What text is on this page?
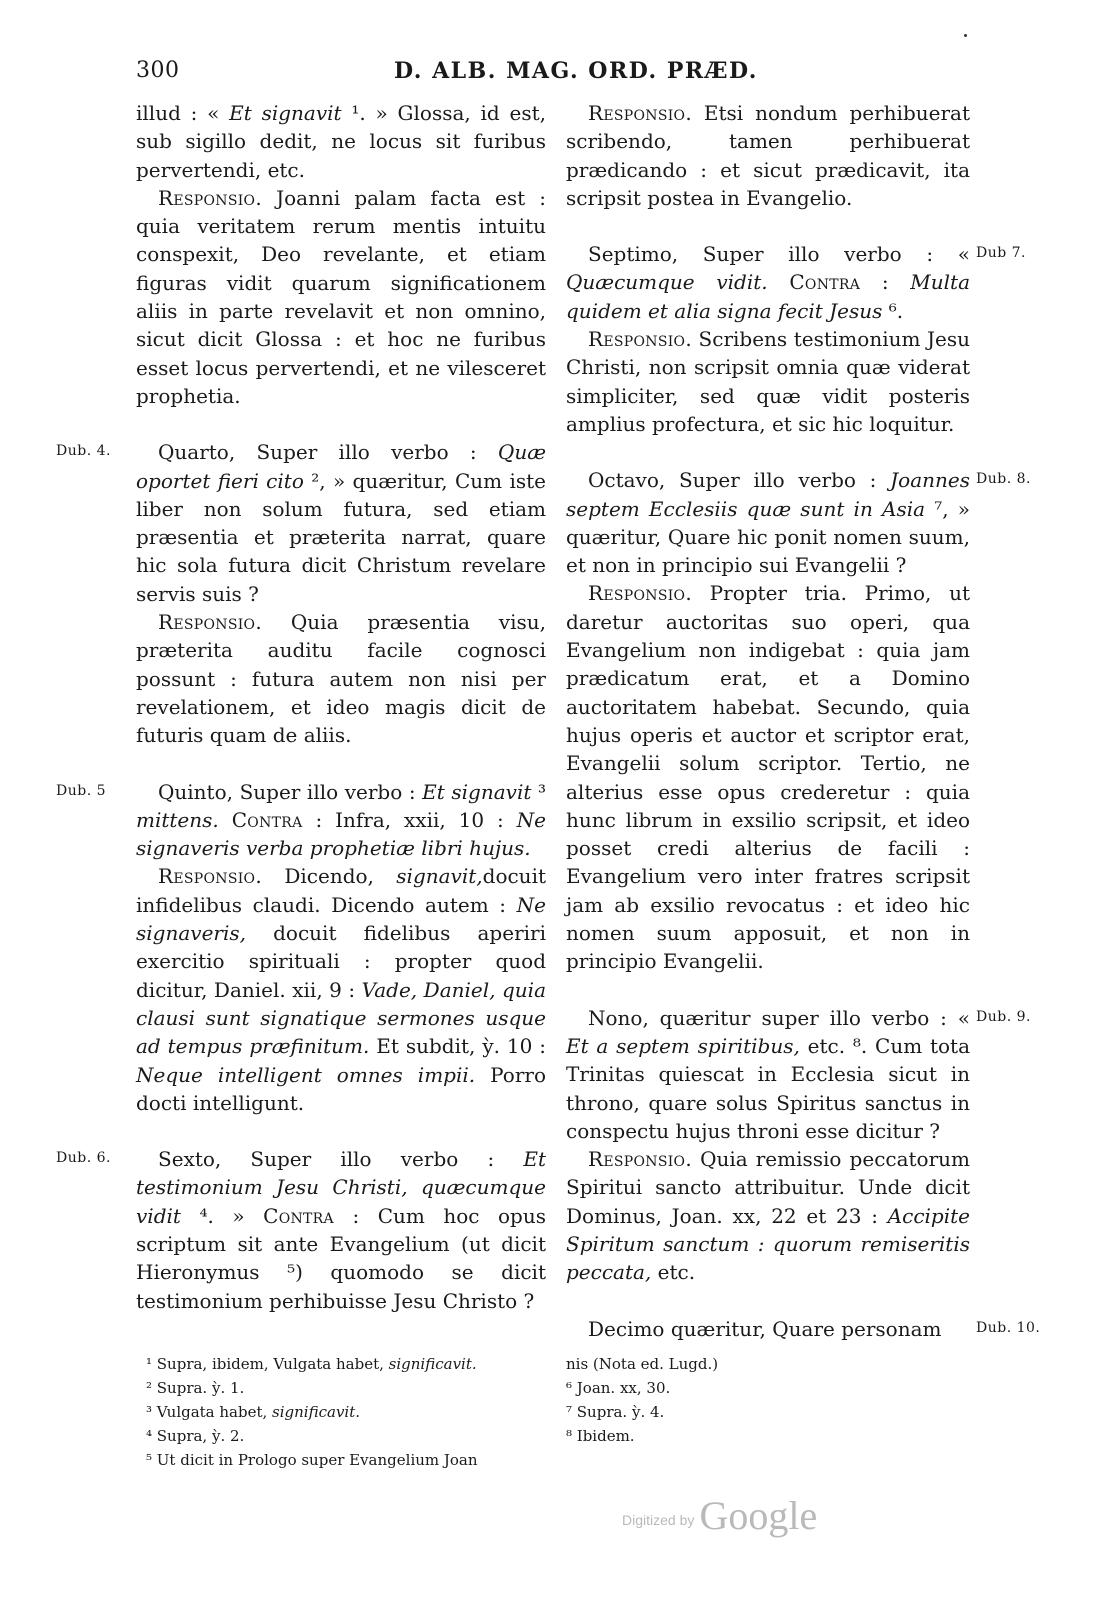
300	D. ALB. MAG. ORD. PRÆD.

illud : « Et signavit ¹. » Glossa, id est, sub sigillo dedit, ne locus sit furibus pervertendi, etc.

Responsio. Joanni palam facta est : quia veritatem rerum mentis intuitu conspexit, Deo revelante, et etiam figuras vidit quarum significationem aliis in parte revelavit et non omnino, sicut dicit Glossa : et hoc ne furibus esset locus pervertendi, et ne vilesceret prophetia.

Quarto, Super illo verbo : Quæ oportet fieri cito ², » quæritur, Cum iste liber non solum futura, sed etiam præsentia et præterita narrat, quare hic sola futura dicit Christum revelare servis suis ?

Responsio. Quia præsentia visu, præterita auditu facile cognosci possunt : futura autem non nisi per revelationem, et ideo magis dicit de futuris quam de aliis.

Quinto, Super illo verbo : Et signavit ³ mittens. Contra : Infra, xxii, 10 : Ne signaveris verba prophetiæ libri hujus.

Responsio. Dicendo, signavit,docuit infidelibus claudi. Dicendo autem : Ne signaveris, docuit fidelibus aperiri exercitio spirituali : propter quod dicitur, Daniel. xii, 9 : Vade, Daniel, quia clausi sunt signatique sermones usque ad tempus præfinitum. Et subdit, ỳ. 10 : Neque intelligent omnes impii. Porro docti intelligunt.

Sexto, Super illo verbo : Et testimonium Jesu Christi, quæcumque vidit ⁴. » Contra : Cum hoc opus scriptum sit ante Evangelium (ut dicit Hieronymus ⁵) quomodo se dicit testimonium perhibuisse Jesu Christo ?

Responsio. Etsi nondum perhibuerat scribendo, tamen perhibuerat prædicando : et sicut prædicavit, ita scripsit postea in Evangelio.

Septimo, Super illo verbo : « Quæcumque vidit. Contra : Multa quidem et alia signa fecit Jesus ⁶.

Responsio. Scribens testimonium Jesu Christi, non scripsit omnia quæ viderat simpliciter, sed quæ vidit posteris amplius profectura, et sic hic loquitur.

Octavo, Super illo verbo : Joannes septem Ecclesiis quæ sunt in Asia ⁷, » quæritur, Quare hic ponit nomen suum, et non in principio sui Evangelii ?

Responsio. Propter tria. Primo, ut daretur auctoritas suo operi, qua Evangelium non indigebat : quia jam prædicatum erat, et a Domino auctoritatem habebat. Secundo, quia hujus operis et auctor et scriptor erat, Evangelii solum scriptor. Tertio, ne alterius esse opus crederetur : quia hunc librum in exsilio scripsit, et ideo posset credi alterius de facili : Evangelium vero inter fratres scripsit jam ab exsilio revocatus : et ideo hic nomen suum apposuit, et non in principio Evangelii.

Nono, quæritur super illo verbo : « Et a septem spiritibus, etc. ⁸. Cum tota Trinitas quiescat in Ecclesia sicut in throno, quare solus Spiritus sanctus in conspectu hujus throni esse dicitur ?

Responsio. Quia remissio peccatorum Spiritui sancto attribuitur. Unde dicit Dominus, Joan. xx, 22 et 23 : Accipite Spiritum sanctum : quorum remiseritis peccata, etc.

Decimo quæritur, Quare personam

¹ Supra, ibidem, Vulgata habet, significavit.
² Supra. ỳ. 1.
³ Vulgata habet, significavit.
⁴ Supra, ỳ. 2.
⁵ Ut dicit in Prologo super Evangelium Joan
nis (Nota ed. Lugd.)
⁶ Joan. xx, 30.
⁷ Supra. ỳ. 4.
⁸ Ibidem.
Digitized by Google
Dub. 4.
Dub. 5
Dub. 6.
Dub 7.
Dub. 8.
Dub. 9.
Dub. 10.
